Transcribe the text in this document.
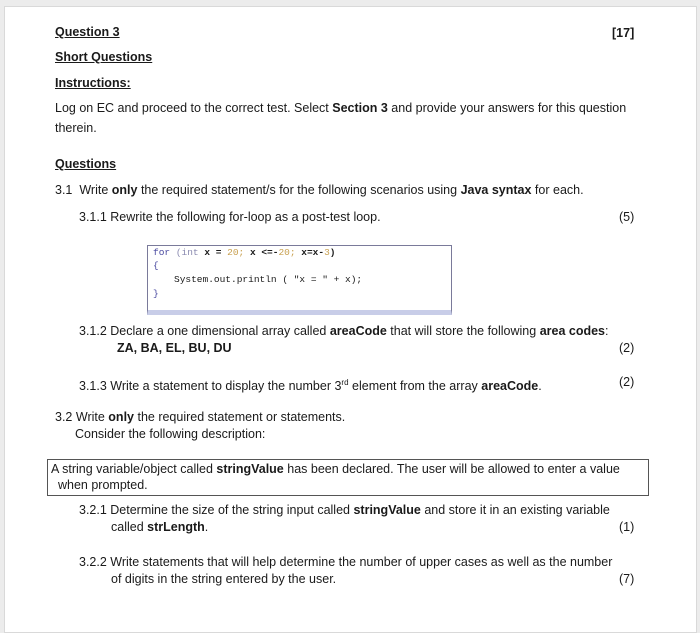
Question 3	[17]
Short Questions
Instructions:
Log on EC and proceed to the correct test. Select Section 3 and provide your answers for this question
therein.
Questions
3.1 Write only the required statement/s for the following scenarios using Java syntax for each.
3.1.1 Rewrite the following for-loop as a post-test loop.	(5)
for (int x = 20; x <=-20; x=x-3)
{
System.out.println ( "x = " + x);
}
3.1.2 Declare a one dimensional array called areaCode that will store the following area codes:
ZA, BA, EL, BU, DU	(2)
3.1.3 Write a statement to display the number 3rd element from the array areaCode.	(2)
3.2 Write only the required statement or statements.
Consider the following description:
A string variable/object called stringValue has been declared. The user will be allowed to enter a value
when prompted.
3.2.1 Determine the size of the string input called stringValue and store it in an existing variable
called strLength.	(1)
3.2.2 Write statements that will help determine the number of upper cases as well as the number
of digits in the string entered by the user.	(7)
